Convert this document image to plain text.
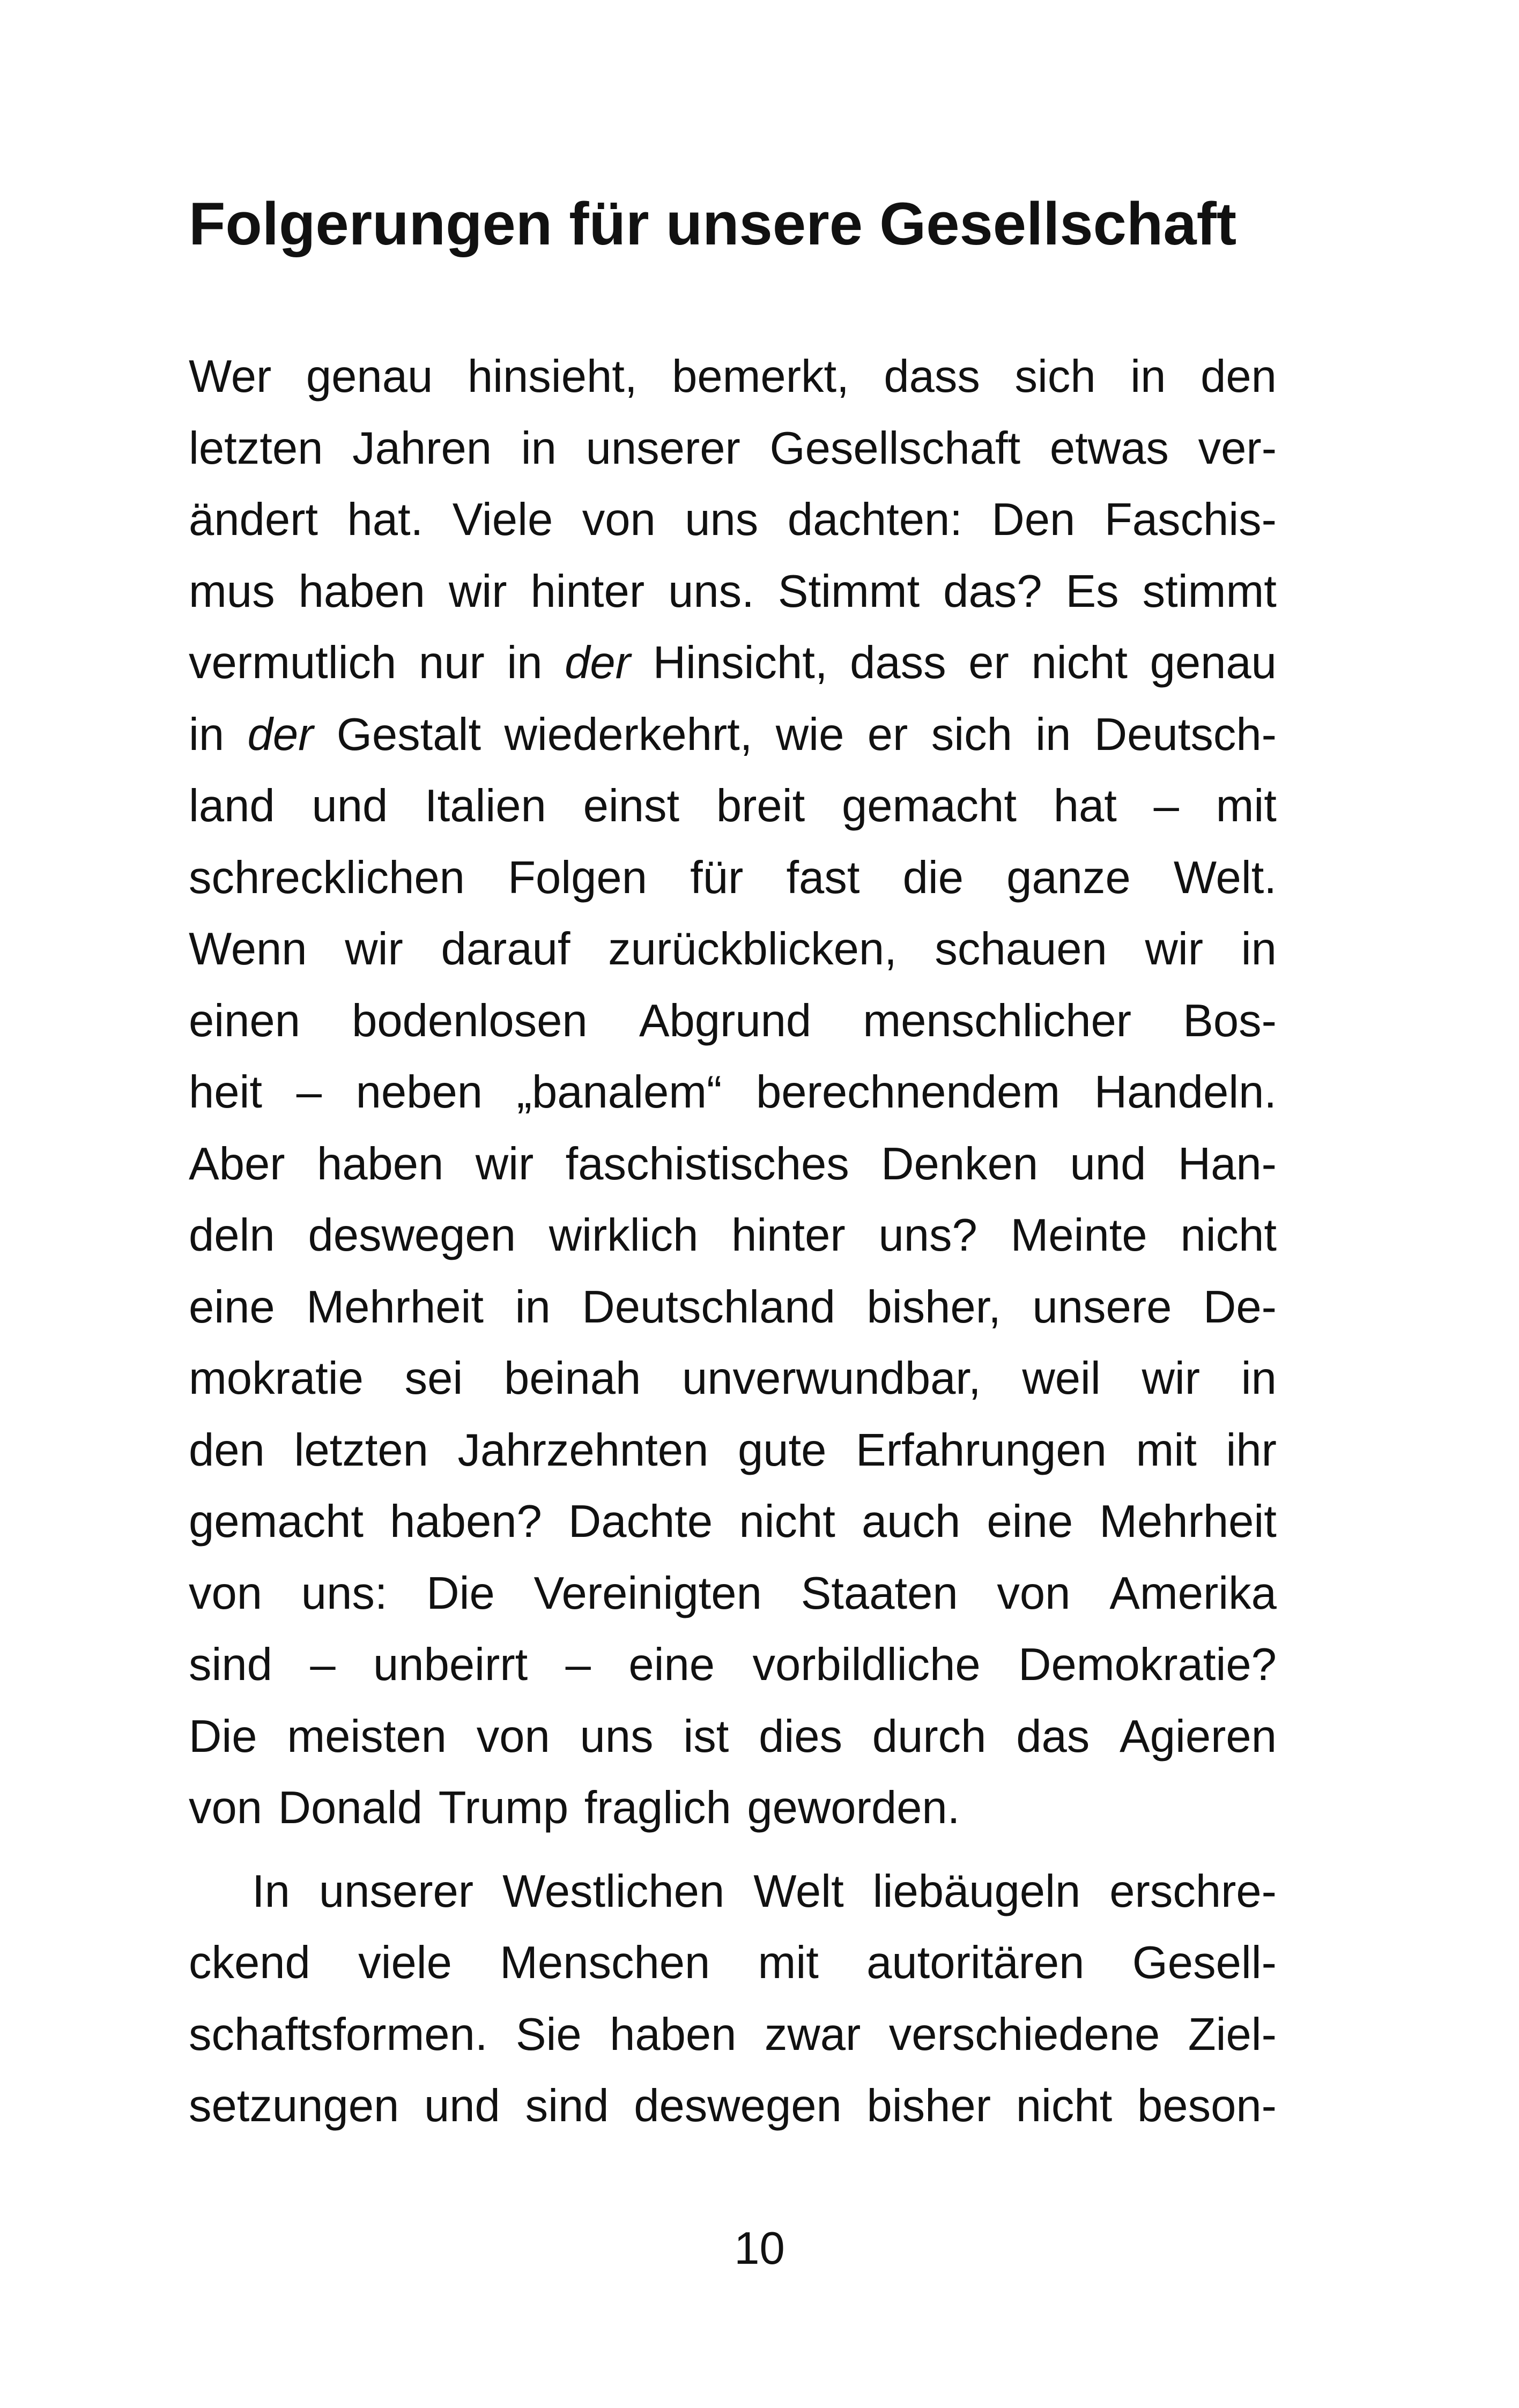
Folgerungen für unsere Gesellschaft
Wer genau hinsieht, bemerkt, dass sich in den
letzten Jahren in unserer Gesellschaft etwas ver-
ändert hat. Viele von uns dachten: Den Faschis-
mus haben wir hinter uns. Stimmt das? Es stimmt
vermutlich nur in der Hinsicht, dass er nicht genau
in der Gestalt wiederkehrt, wie er sich in Deutsch-
land und Italien einst breit gemacht hat – mit
schrecklichen Folgen für fast die ganze Welt.
Wenn wir darauf zurückblicken, schauen wir in
einen bodenlosen Abgrund menschlicher Bos-
heit – neben „banalem“ berechnendem Handeln.
Aber haben wir faschistisches Denken und Han-
deln deswegen wirklich hinter uns? Meinte nicht
eine Mehrheit in Deutschland bisher, unsere De-
mokratie sei beinah unverwundbar, weil wir in
den letzten Jahrzehnten gute Erfahrungen mit ihr
gemacht haben? Dachte nicht auch eine Mehrheit
von uns: Die Vereinigten Staaten von Amerika
sind – unbeirrt – eine vorbildliche Demokratie?
Die meisten von uns ist dies durch das Agieren
von
Donald
Trump
fraglich
geworden.
In unserer Westlichen Welt liebäugeln erschre-
ckend viele Menschen mit autoritären Gesell-
schaftsformen. Sie haben zwar verschiedene Ziel-
setzungen und sind deswegen bisher nicht beson-
10
